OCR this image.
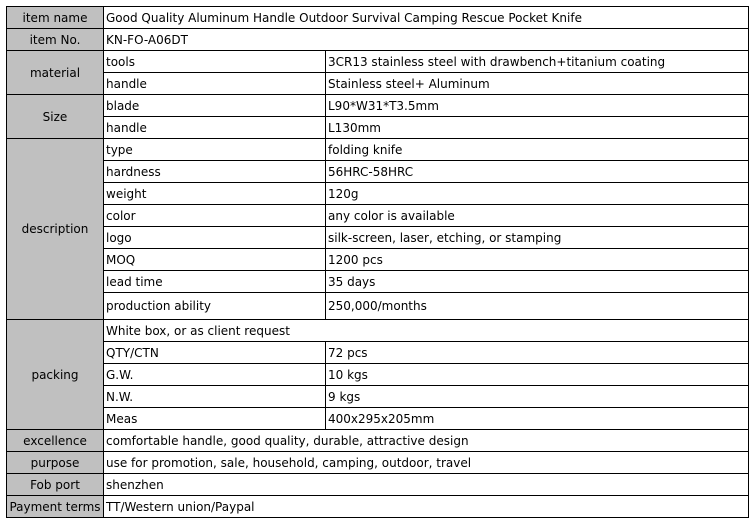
item name	Good Quality Aluminum Handle Outdoor Survival Camping Rescue Pocket Knife	
item No.	KN-FO-A06DT	
material	tools	3CR13 stainless steel with drawbench+titanium coating
	handle	Stainless steel+ Aluminum
Size	blade	L90*W31*T3.5mm
	handle	L130mm
description	type	folding knife
	hardness	56HRC-58HRC
	weight	120g
	color	any color is available
	logo	silk-screen, laser, etching, or stamping
	MOQ	1200 pcs
	lead time	35 days
	production ability	250,000/months
packing	White box, or as client request	
	QTY/CTN	72 pcs
	G.W.	10 kgs
	N.W.	9 kgs
	Meas	400x295x205mm
excellence	comfortable handle, good quality, durable, attractive design	
purpose	use for promotion, sale, household, camping, outdoor, travel	
Fob port	shenzhen	
Payment terms	TT/Western union/Paypal	
